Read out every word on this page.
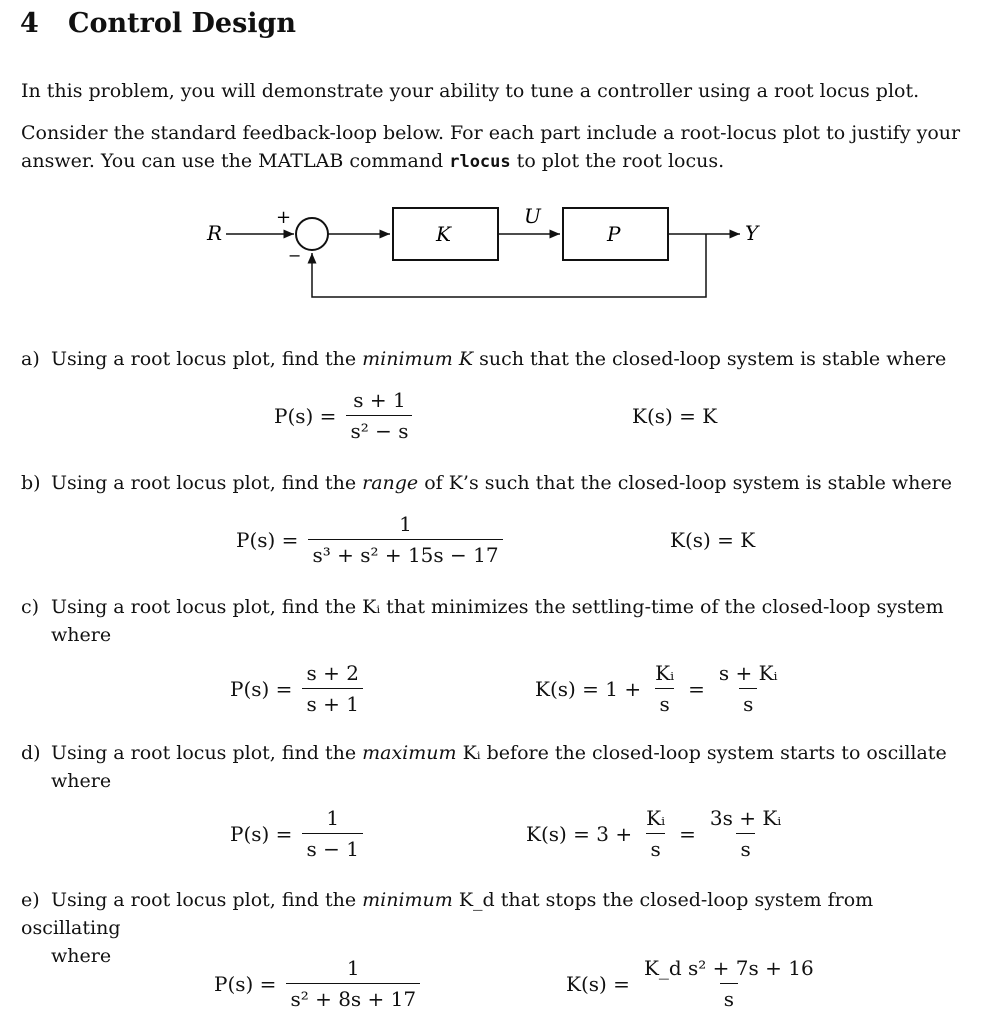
4 Control Design
In this problem, you will demonstrate your ability to tune a controller using a root locus plot.
Consider the standard feedback-loop below. For each part include a root-locus plot to justify your answer. You can use the MATLAB command rlocus to plot the root locus.
R
+
−
K
U
P	Y
a) Using a root locus plot, find the minimum K such that the closed-loop system is stable where
$P(s) = \frac{s + 1}{\text{s² − s}}$	K(s) = K
b) Using a root locus plot, find the range of K’s such that the closed-loop system is stable where
$P(s) = \frac{1}{\text{s³ + s² + 15s − 17}}$	K(s) = K
c) Using a root locus plot, find the Kᵢ that minimizes the settling-time of the closed-loop system
where
$P(s) = \frac{s + 2}{s + 1}$	$K(s) = 1 + \frac{\text{Kᵢ}}{s} = \frac{\text{s + Kᵢ}}{s}$
d) Using a root locus plot, find the maximum Kᵢ before the closed-loop system starts to oscillate
where
$P(s) = \frac{1}{s - 1}$	$K(s) = 3 + \frac{\text{Kᵢ}}{s} = \frac{\text{3s + Kᵢ}}{s}$
e) Using a root locus plot, find the minimum K_d that stops the closed-loop system from oscillating
where
$P(s) = \frac{1}{\text{s² + 8s + 17}}$	$K(s) = \frac{\text{K\_d s² + 7s + 16}}{s}$
